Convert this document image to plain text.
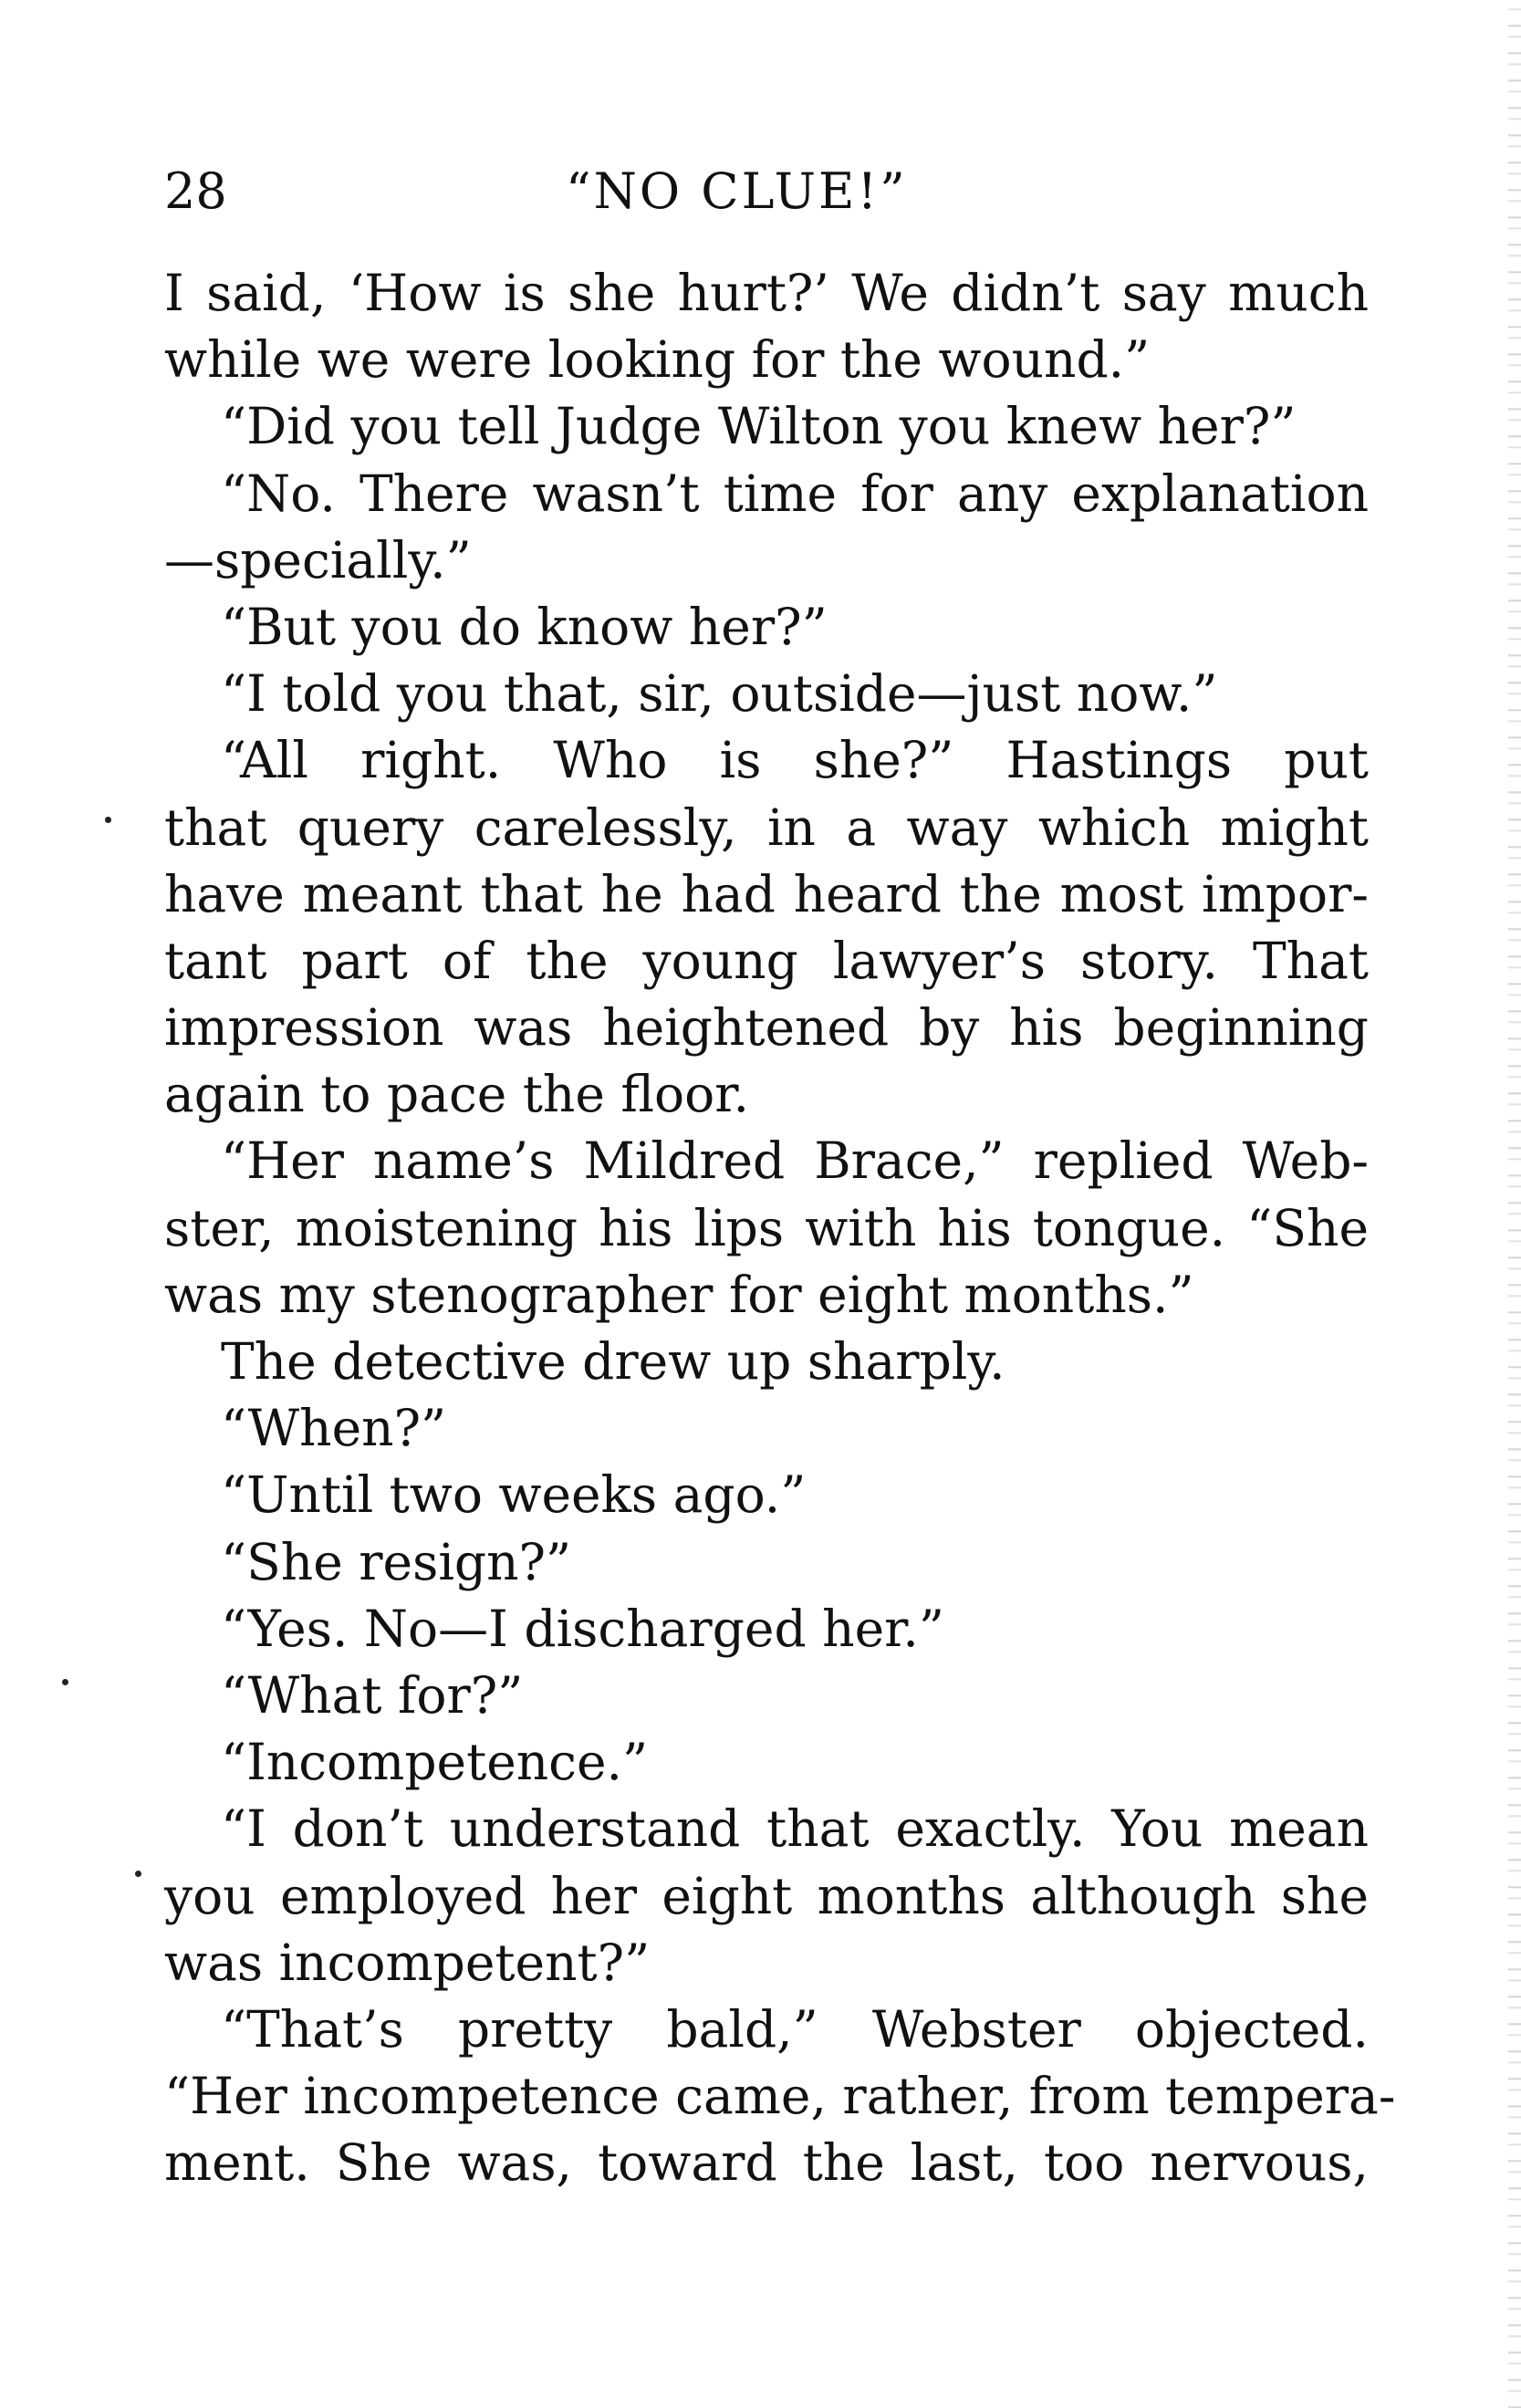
28	“NO CLUE!”
I said, ‘How is she hurt?’ We didn’t say much
while we were looking for the wound.”
“Did you tell Judge Wilton you knew her?”
“No. There wasn’t time for any explanation
—specially.”
“But you do know her?”
“I told you that, sir, outside—just now.”
“All right. Who is she?” Hastings put
that query carelessly, in a way which might
have meant that he had heard the most impor-
tant part of the young lawyer’s story. That
impression was heightened by his beginning
again to pace the floor.
“Her name’s Mildred Brace,” replied Web-
ster, moistening his lips with his tongue. “She
was my stenographer for eight months.”
The detective drew up sharply.
“When?”
“Until two weeks ago.”
“She resign?”
“Yes. No—I discharged her.”
“What for?”
“Incompetence.”
“I don’t understand that exactly. You mean
you employed her eight months although she
was incompetent?”
“That’s pretty bald,” Webster objected.
“Her incompetence came, rather, from tempera-
ment. She was, toward the last, too nervous,
